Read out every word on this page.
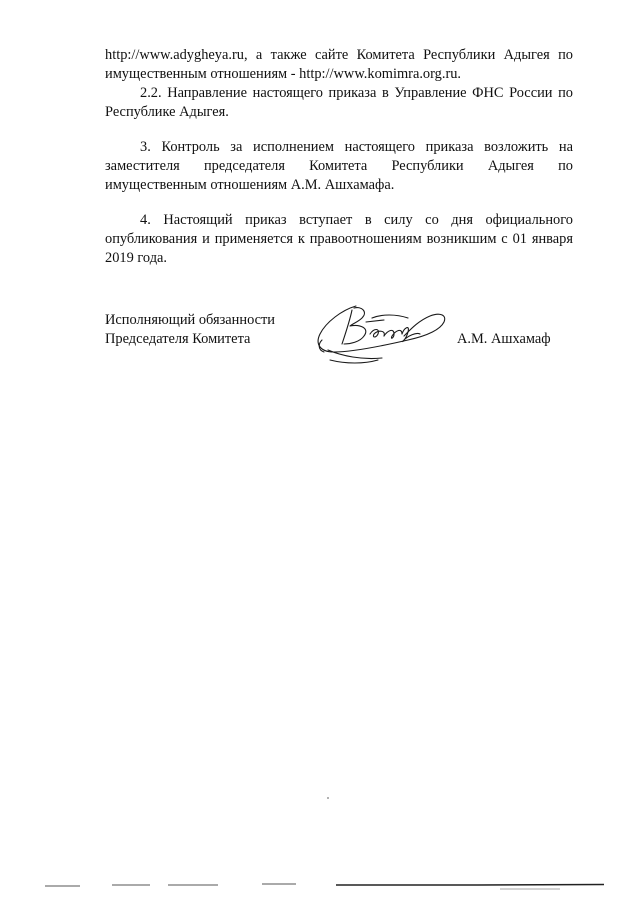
http://www.adygheya.ru, а также сайте Комитета Республики Адыгея по
имущественным отношениям - http://www.komimra.org.ru.
2.2. Направление настоящего приказа в Управление ФНС России по
Республике Адыгея.
3. Контроль за исполнением настоящего приказа возложить на
заместителя председателя Комитета Республики Адыгея по
имущественным отношениям А.М. Ашхамафа.
4. Настоящий приказ вступает в силу со дня официального
опубликования и применяется к правоотношениям возникшим с 01 января
2019 года.
Исполняющий обязанности
Председателя Комитета	А.М. Ашхамаф
